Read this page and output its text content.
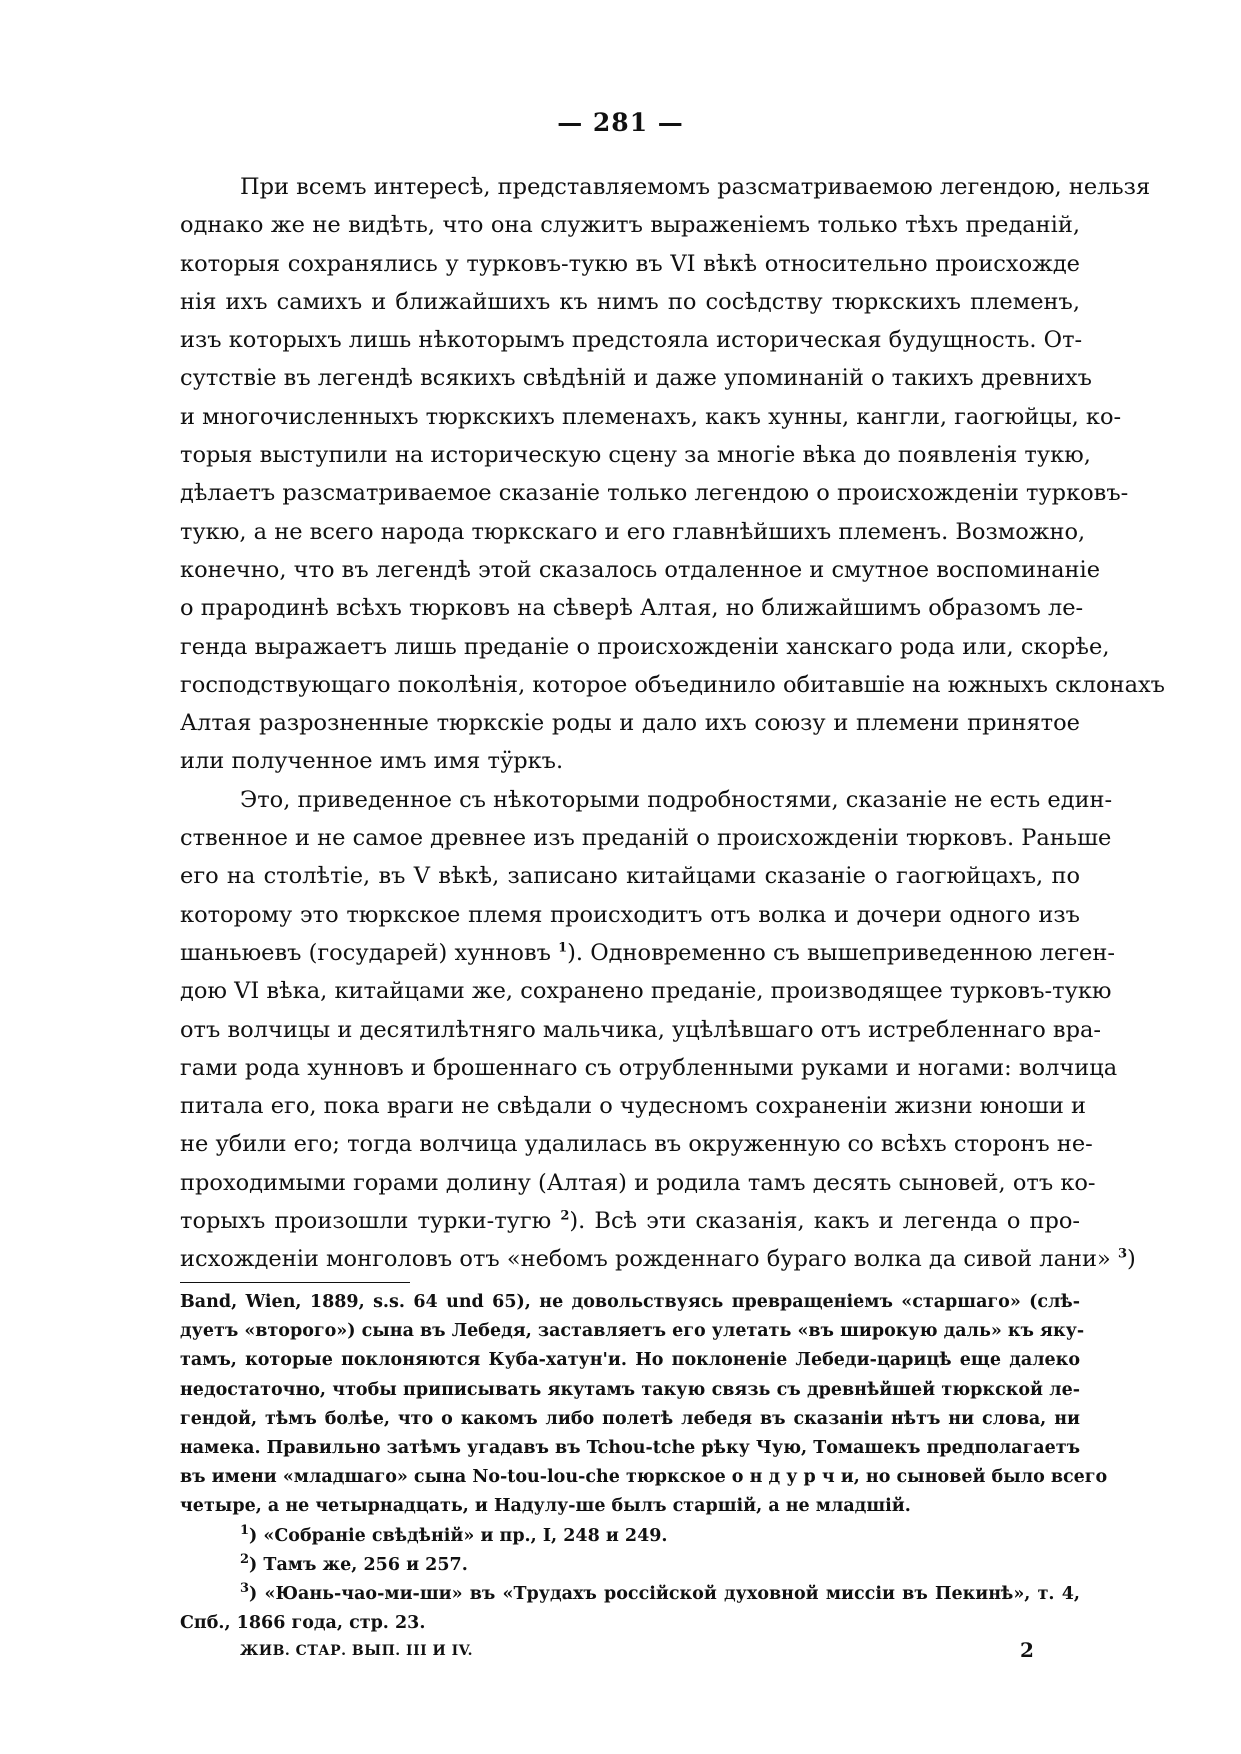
— 281 —
При всемъ интересѣ, представляемомъ разсматриваемою легендою, нельзя
однако же не видѣть, что она служитъ выраженіемъ только тѣхъ преданій,
которыя сохранялись у турковъ-тукю въ VI вѣкѣ относительно происхожде
нія ихъ самихъ и ближайшихъ къ нимъ по сосѣдству тюркскихъ племенъ,
изъ которыхъ лишь нѣкоторымъ предстояла историческая будущность. От-
сутствіе въ легендѣ всякихъ свѣдѣній и даже упоминаній о такихъ древнихъ
и многочисленныхъ тюркскихъ племенахъ, какъ хунны, кангли, гаогюйцы, ко-
торыя выступили на историческую сцену за многіе вѣка до появленія тукю,
дѣлаетъ разсматриваемое сказаніе только легендою о происхожденіи турковъ-
тукю, а не всего народа тюркскаго и его главнѣйшихъ племенъ. Возможно,
конечно, что въ легендѣ этой сказалось отдаленное и смутное воспоминаніе
о прародинѣ всѣхъ тюрковъ на сѣверѣ Алтая, но ближайшимъ образомъ ле-
генда выражаетъ лишь преданіе о происхожденіи ханскаго рода или, скорѣе,
господствующаго поколѣнія, которое объединило обитавшіе на южныхъ склонахъ
Алтая разрозненные тюркскіе роды и дало ихъ союзу и племени принятое
или полученное имъ имя тӱркъ.
Это, приведенное съ нѣкоторыми подробностями, сказаніе не есть един-
ственное и не самое древнее изъ преданій о происхожденіи тюрковъ. Раньше
его на столѣтіе, въ V вѣкѣ, записано китайцами сказаніе о гаогюйцахъ, по
которому это тюркское племя происходитъ отъ волка и дочери одного изъ
шаньюевъ (государей) хунновъ $^1$). Одновременно съ вышеприведенною леген-
дою VI вѣка, китайцами же, сохранено преданіе, производящее турковъ-тукю
отъ волчицы и десятилѣтняго мальчика, уцѣлѣвшаго отъ истребленнаго вра-
гами рода хунновъ и брошеннаго съ отрубленными руками и ногами: волчица
питала его, пока враги не свѣдали о чудесномъ сохраненіи жизни юноши и
не убили его; тогда волчица удалилась въ окруженную со всѣхъ сторонъ не-
проходимыми горами долину (Алтая) и родила тамъ десять сыновей, отъ ко-
торыхъ произошли турки-тугю $^2$). Всѣ эти сказанія, какъ и легенда о про-
исхожденіи монголовъ отъ «небомъ рожденнаго бураго волка да сивой лани» $^3$)
Band, Wien, 1889, s.s. 64 und 65), не довольствуясь превращеніемъ «старшаго» (слѣ-
дуетъ «второго») сына въ Лебедя, заставляетъ его улетать «въ широкую даль» къ яку-
тамъ, которые поклоняются Куба-хатун'и. Но поклоненіе Лебеди-царицѣ еще далеко
недостаточно, чтобы приписывать якутамъ такую связь съ древнѣйшей тюркской ле-
гендой, тѣмъ болѣе, что о какомъ либо полетѣ лебедя въ сказаніи нѣтъ ни слова, ни
намека. Правильно затѣмъ угадавъ въ Tchou-tche рѣку Чую, Томашекъ предполагаетъ
въ имени «младшаго» сына No-tou-lou-che тюркское о н д у р ч и, но сыновей было всего
четыре, а не четырнадцать, и Надулу-ше былъ старшій, а не младшій.
$^1$) «Собраніе свѣдѣній» и пр., I, 248 и 249.
$^2$) Тамъ же, 256 и 257.
$^3$) «Юань-чао-ми-ши» въ «Трудахъ россійской духовной миссіи въ Пекинѣ», т. 4,
Спб., 1866 года, стр. 23.
ЖИВ. СТАР. ВЫП. III И IV.	2
